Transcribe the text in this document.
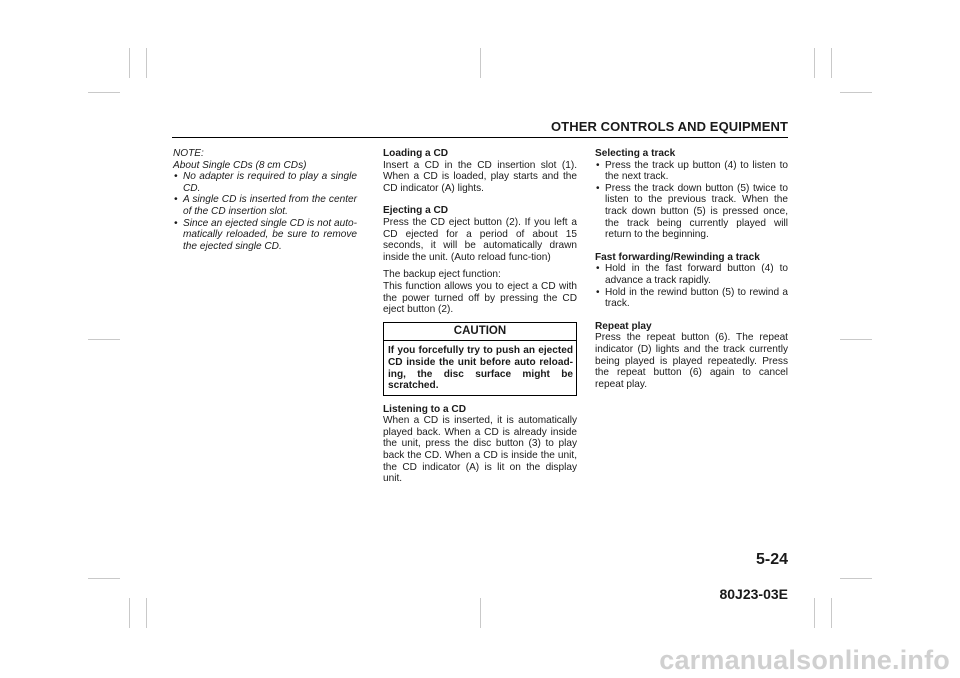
OTHER CONTROLS AND EQUIPMENT
NOTE:
About Single CDs (8 cm CDs)
• No adapter is required to play a single CD.
• A single CD is inserted from the center of the CD insertion slot.
• Since an ejected single CD is not auto-matically reloaded, be sure to remove the ejected single CD.
Loading a CD
Insert a CD in the CD insertion slot (1). When a CD is loaded, play starts and the CD indicator (A) lights.
Ejecting a CD
Press the CD eject button (2). If you left a CD ejected for a period of about 15 seconds, it will be automatically drawn inside the unit. (Auto reload func-tion)
The backup eject function:
This function allows you to eject a CD with the power turned off by pressing the CD eject button (2).
CAUTION
If you forcefully try to push an ejected CD inside the unit before auto reload-ing, the disc surface might be scratched.
Listening to a CD
When a CD is inserted, it is automatically played back. When a CD is already inside the unit, press the disc button (3) to play back the CD. When a CD is inside the unit, the CD indicator (A) is lit on the display unit.
Selecting a track
• Press the track up button (4) to listen to the next track.
• Press the track down button (5) twice to listen to the previous track. When the track down button (5) is pressed once, the track being currently played will return to the beginning.
Fast forwarding/Rewinding a track
• Hold in the fast forward button (4) to advance a track rapidly.
• Hold in the rewind button (5) to rewind a track.
Repeat play
Press the repeat button (6). The repeat indicator (D) lights and the track currently being played is played repeatedly. Press the repeat button (6) again to cancel repeat play.
5-24
80J23-03E
carmanualsonline.info
